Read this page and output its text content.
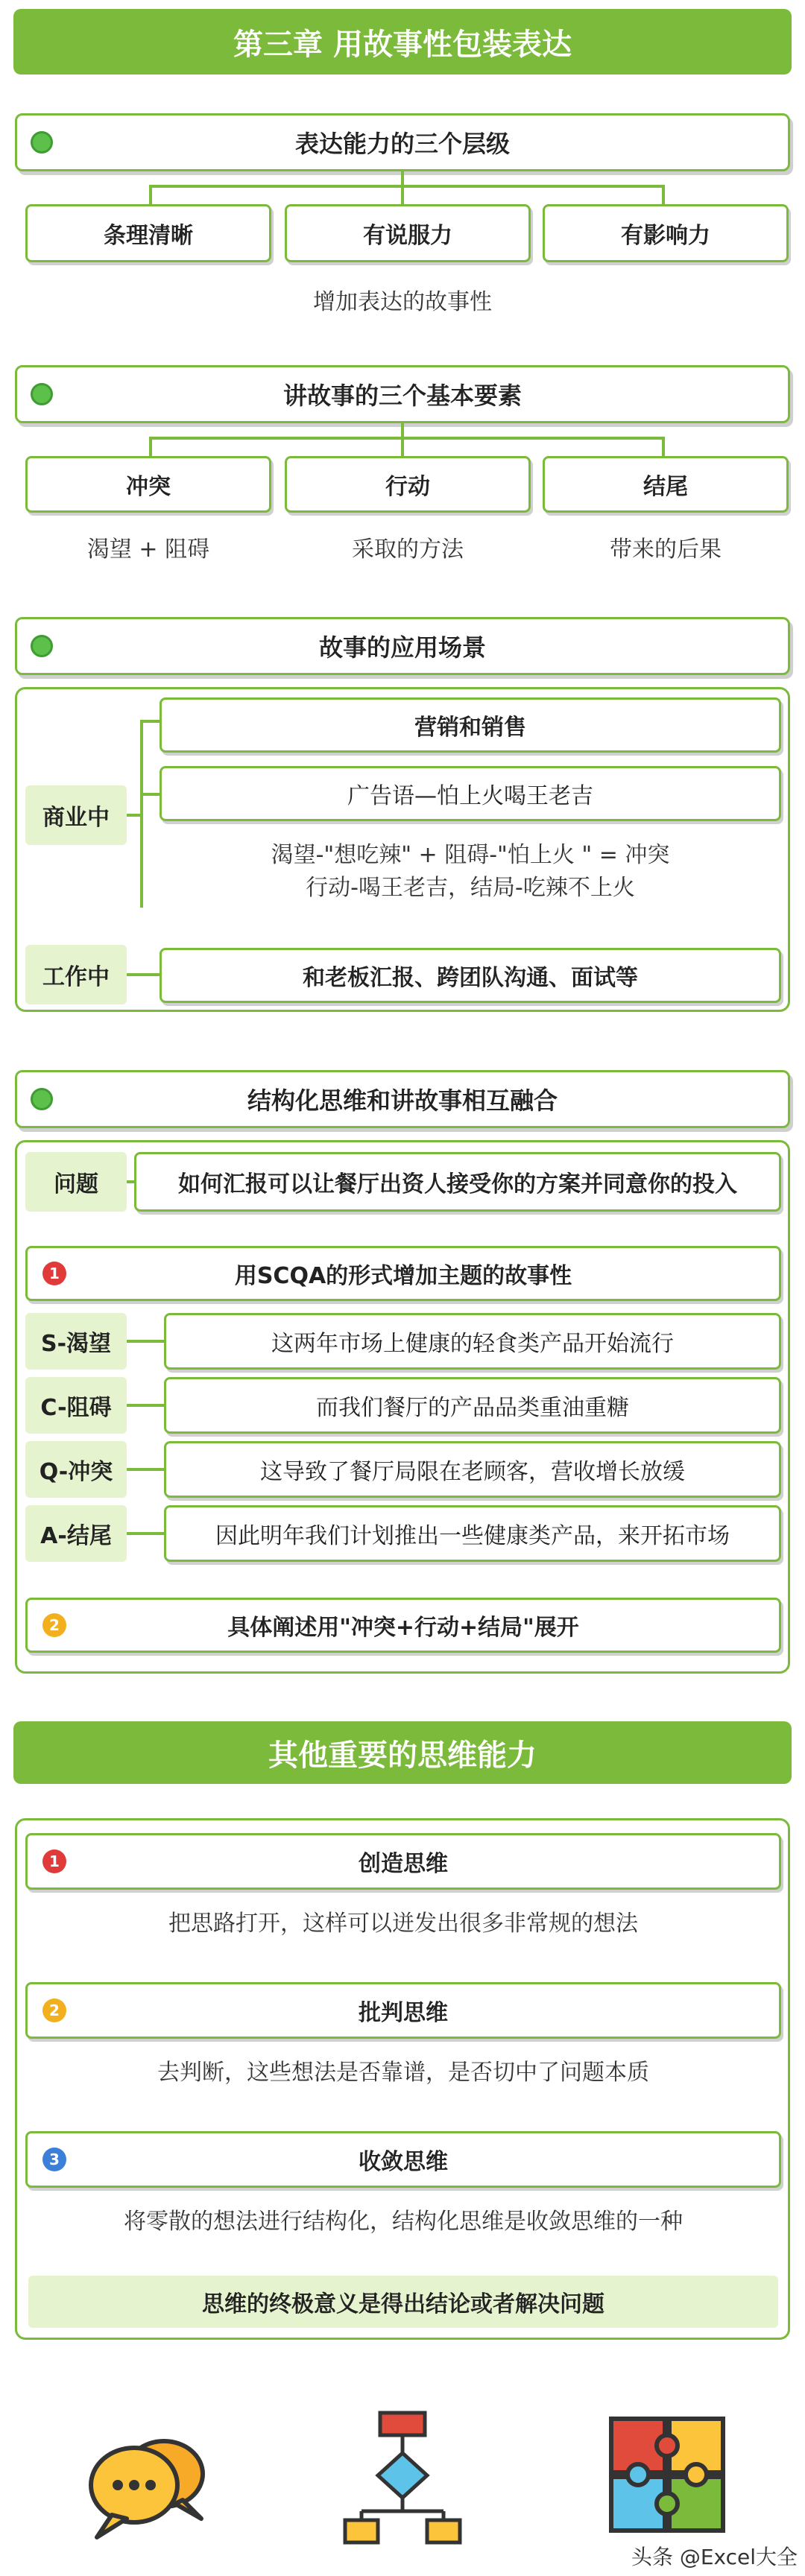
第三章 用故事性包装表达
表达能力的三个层级
条理清晰	有说服力	有影响力
增加表达的故事性
讲故事的三个基本要素
冲突	行动	结尾
渴望 + 阻碍	采取的方法	带来的后果
故事的应用场景
商业中
营销和销售
广告语—怕上火喝王老吉
渴望-"想吃辣" + 阻碍-"怕上火 " = 冲突
行动-喝王老吉，结局-吃辣不上火
工作中	和老板汇报、跨团队沟通、面试等
结构化思维和讲故事相互融合
问题	如何汇报可以让餐厅出资人接受你的方案并同意你的投入
1	用SCQA的形式增加主题的故事性
S-渴望	这两年市场上健康的轻食类产品开始流行
C-阻碍	而我们餐厅的产品品类重油重糖
Q-冲突	这导致了餐厅局限在老顾客，营收增长放缓
A-结尾	因此明年我们计划推出一些健康类产品，来开拓市场
2	具体阐述用"冲突+行动+结局"展开
其他重要的思维能力
1	创造思维
把思路打开，这样可以迸发出很多非常规的想法
2	批判思维
去判断，这些想法是否靠谱，是否切中了问题本质
3	收敛思维
将零散的想法进行结构化，结构化思维是收敛思维的一种
思维的终极意义是得出结论或者解决问题
头条 @Excel大全
